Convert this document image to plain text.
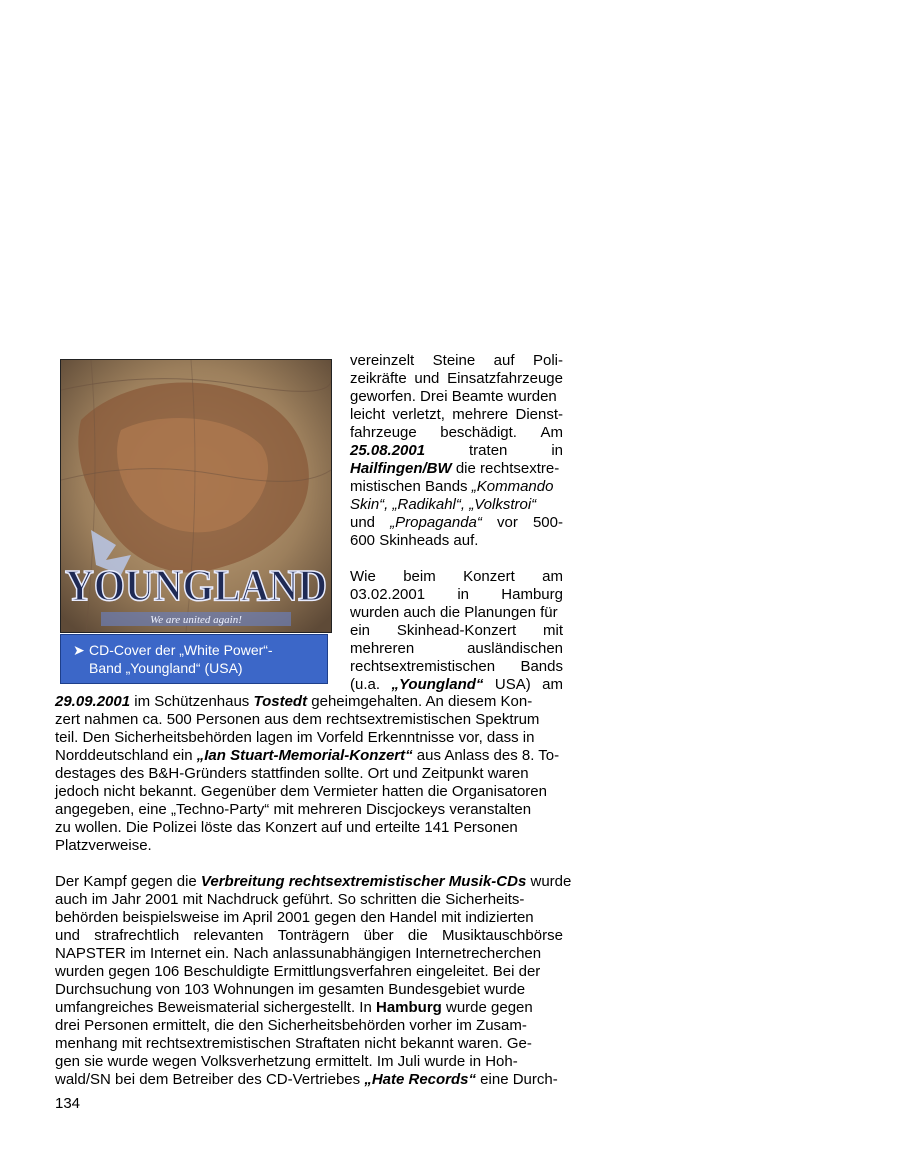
YOUNGLAND
We are united again!
➤ CD-Cover der „White Power“-
Band „Youngland“ (USA)
vereinzelt Steine auf Poli-
zeikräfte und Einsatzfahrzeuge
geworfen. Drei Beamte wurden
leicht verletzt, mehrere Dienst-
fahrzeuge beschädigt. Am
25.08.2001	traten	in
Hailfingen/BW die rechtsextre-
mistischen Bands „Kommando
Skin“, „Radikahl“, „Volkstroi“
und „Propaganda“ vor 500-
600 Skinheads auf.
Wie beim Konzert am
03.02.2001 in Hamburg
wurden auch die Planungen für
ein Skinhead-Konzert mit
mehreren	ausländischen
rechtsextremistischen Bands
(u.a. „Youngland“ USA) am
29.09.2001 im Schützenhaus Tostedt geheimgehalten. An diesem Kon-
zert nahmen ca. 500 Personen aus dem rechtsextremistischen Spektrum
teil. Den Sicherheitsbehörden lagen im Vorfeld Erkenntnisse vor, dass in
Norddeutschland ein „Ian Stuart-Memorial-Konzert“ aus Anlass des 8. To-
destages des B&H-Gründers stattfinden sollte. Ort und Zeitpunkt waren
jedoch nicht bekannt. Gegenüber dem Vermieter hatten die Organisatoren
angegeben, eine „Techno-Party“ mit mehreren Discjockeys veranstalten
zu wollen. Die Polizei löste das Konzert auf und erteilte 141 Personen
Platzverweise.
Der Kampf gegen die Verbreitung rechtsextremistischer Musik-CDs wurde
auch im Jahr 2001 mit Nachdruck geführt. So schritten die Sicherheits-
behörden beispielsweise im April 2001 gegen den Handel mit indizierten
und strafrechtlich relevanten Tonträgern über die Musiktauschbörse
NAPSTER im Internet ein. Nach anlassunabhängigen Internetrecherchen
wurden gegen 106 Beschuldigte Ermittlungsverfahren eingeleitet. Bei der
Durchsuchung von 103 Wohnungen im gesamten Bundesgebiet wurde
umfangreiches Beweismaterial sichergestellt. In Hamburg wurde gegen
drei Personen ermittelt, die den Sicherheitsbehörden vorher im Zusam-
menhang mit rechtsextremistischen Straftaten nicht bekannt waren. Ge-
gen sie wurde wegen Volksverhetzung ermittelt. Im Juli wurde in Hoh-
wald/SN bei dem Betreiber des CD-Vertriebes „Hate Records“ eine Durch-
134
